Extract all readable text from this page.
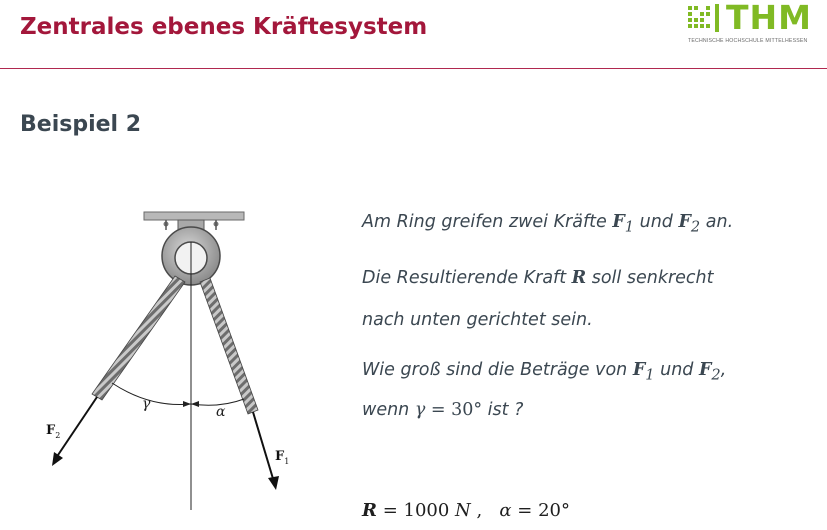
Zentrales ebenes Kräftesystem	THM
TECHNISCHE HOCHSCHULE MITTELHESSEN
Beispiel 2
γ	α
$F_2$
$F_1$

Am Ring greifen zwei Kräfte $F_1$ und $F_2$ an.

Die Resultierende Kraft R soll senkrecht

nach unten gerichtet sein.

Wie groß sind die Beträge von $F_1$ und $F_2$,

wenn γ = 30° ist ?

R = 1000 N ,   α = 20°
